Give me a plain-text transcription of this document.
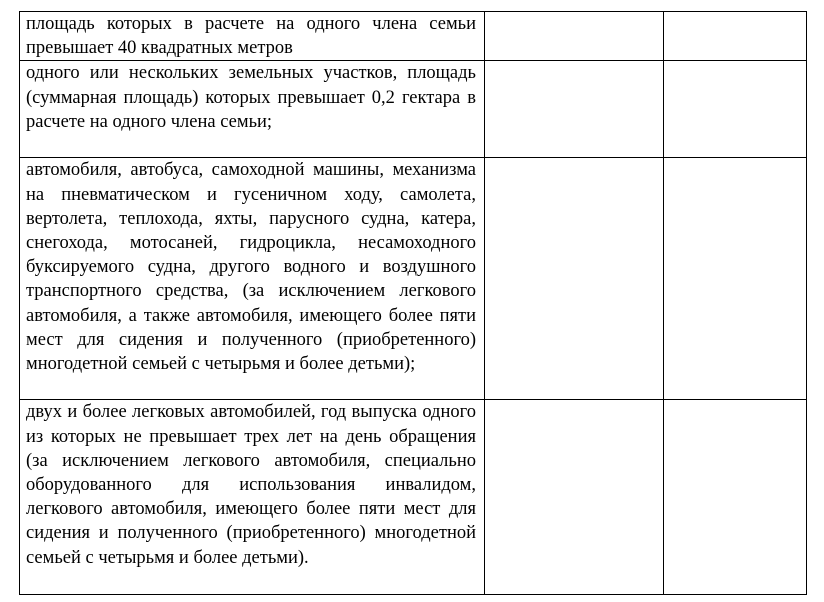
площадь которых в расчете на одного члена семьи превышает 40 квадратных метров		

одного или нескольких земельных участков, площадь (суммарная площадь) которых превышает 0,2 гектара в расчете на одного члена семьи;		

автомобиля, автобуса, самоходной машины, механизма на пневматическом и гусеничном ходу, самолета, вертолета, теплохода, яхты, парусного судна, катера, снегохода, мотосаней, гидроцикла, несамоходного буксируемого судна, другого водного и воздушного транспортного средства, (за исключением легкового автомобиля, а также автомобиля, имеющего более пяти мест для сидения и полученного (приобретенного) многодетной семьей с четырьмя и более детьми);		

двух и более легковых автомобилей, год выпуска одного из которых не превышает трех лет на день обращения (за исключением легкового автомобиля, специально оборудованного для использования инвалидом, легкового автомобиля, имеющего более пяти мест для сидения и полученного (приобретенного) многодетной семьей с четырьмя и более детьми).		
